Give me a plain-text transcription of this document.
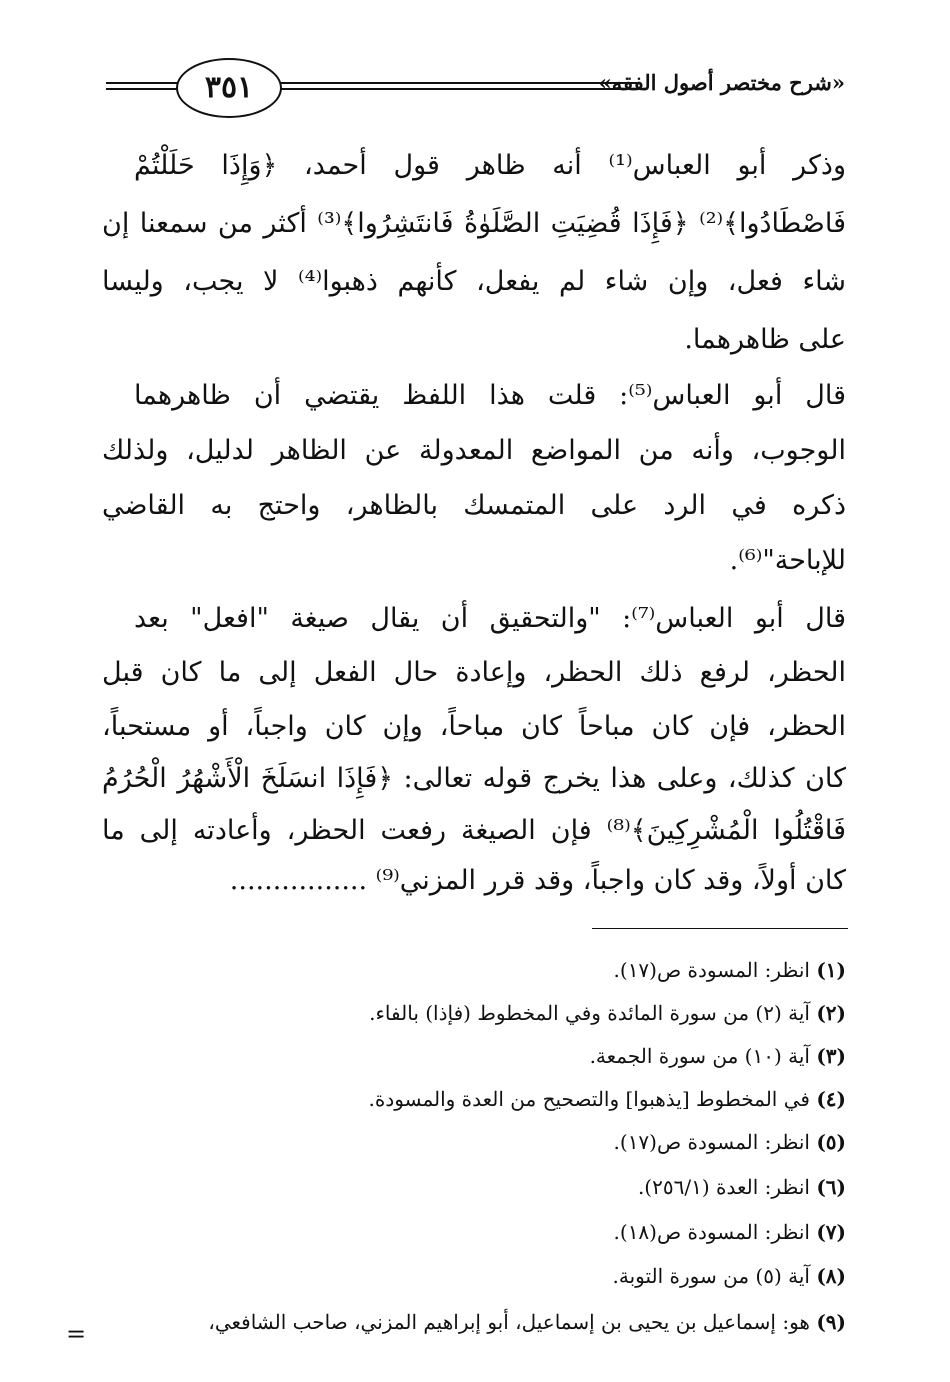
٣٥١	«شرح مختصر أصول الفقه»
وذكر أبو العباس⁽¹⁾ أنه ظاهر قول أحمد، ﴿وَإِذَا حَلَلْتُمْ
فَاصْطَادُوا﴾⁽²⁾ ﴿فَإِذَا قُضِيَتِ الصَّلَوٰةُ فَانتَشِرُوا﴾⁽³⁾ أكثر من سمعنا إن
شاء فعل، وإن شاء لم يفعل، كأنهم ذهبوا⁽⁴⁾ لا يجب، وليسا
على ظاهرهما.
قال أبو العباس⁽⁵⁾: قلت هذا اللفظ يقتضي أن ظاهرهما
الوجوب، وأنه من المواضع المعدولة عن الظاهر لدليل، ولذلك
ذكره في الرد على المتمسك بالظاهر، واحتج به القاضي
للإباحة"⁽⁶⁾.
قال أبو العباس⁽⁷⁾: "والتحقيق أن يقال صيغة "افعل" بعد
الحظر، لرفع ذلك الحظر، وإعادة حال الفعل إلى ما كان قبل
الحظر، فإن كان مباحاً كان مباحاً، وإن كان واجباً، أو مستحباً،
كان كذلك، وعلى هذا يخرج قوله تعالى: ﴿فَإِذَا انسَلَخَ الْأَشْهُرُ الْحُرُمُ
فَاقْتُلُوا الْمُشْرِكِينَ﴾⁽⁸⁾ فإن الصيغة رفعت الحظر، وأعادته إلى ما
كان أولاً، وقد كان واجباً، وقد قرر المزني⁽⁹⁾ ................
(١) انظر: المسودة ص(١٧).
(٢) آية (٢) من سورة المائدة وفي المخطوط (فإذا) بالفاء.
(٣) آية (١٠) من سورة الجمعة.
(٤) في المخطوط [يذهبوا] والتصحيح من العدة والمسودة.
(٥) انظر: المسودة ص(١٧).
(٦) انظر: العدة (٢٥٦/١).
(٧) انظر: المسودة ص(١٨).
(٨) آية (٥) من سورة التوبة.
(٩) هو: إسماعيل بن يحيى بن إسماعيل، أبو إبراهيم المزني، صاحب الشافعي،
=
